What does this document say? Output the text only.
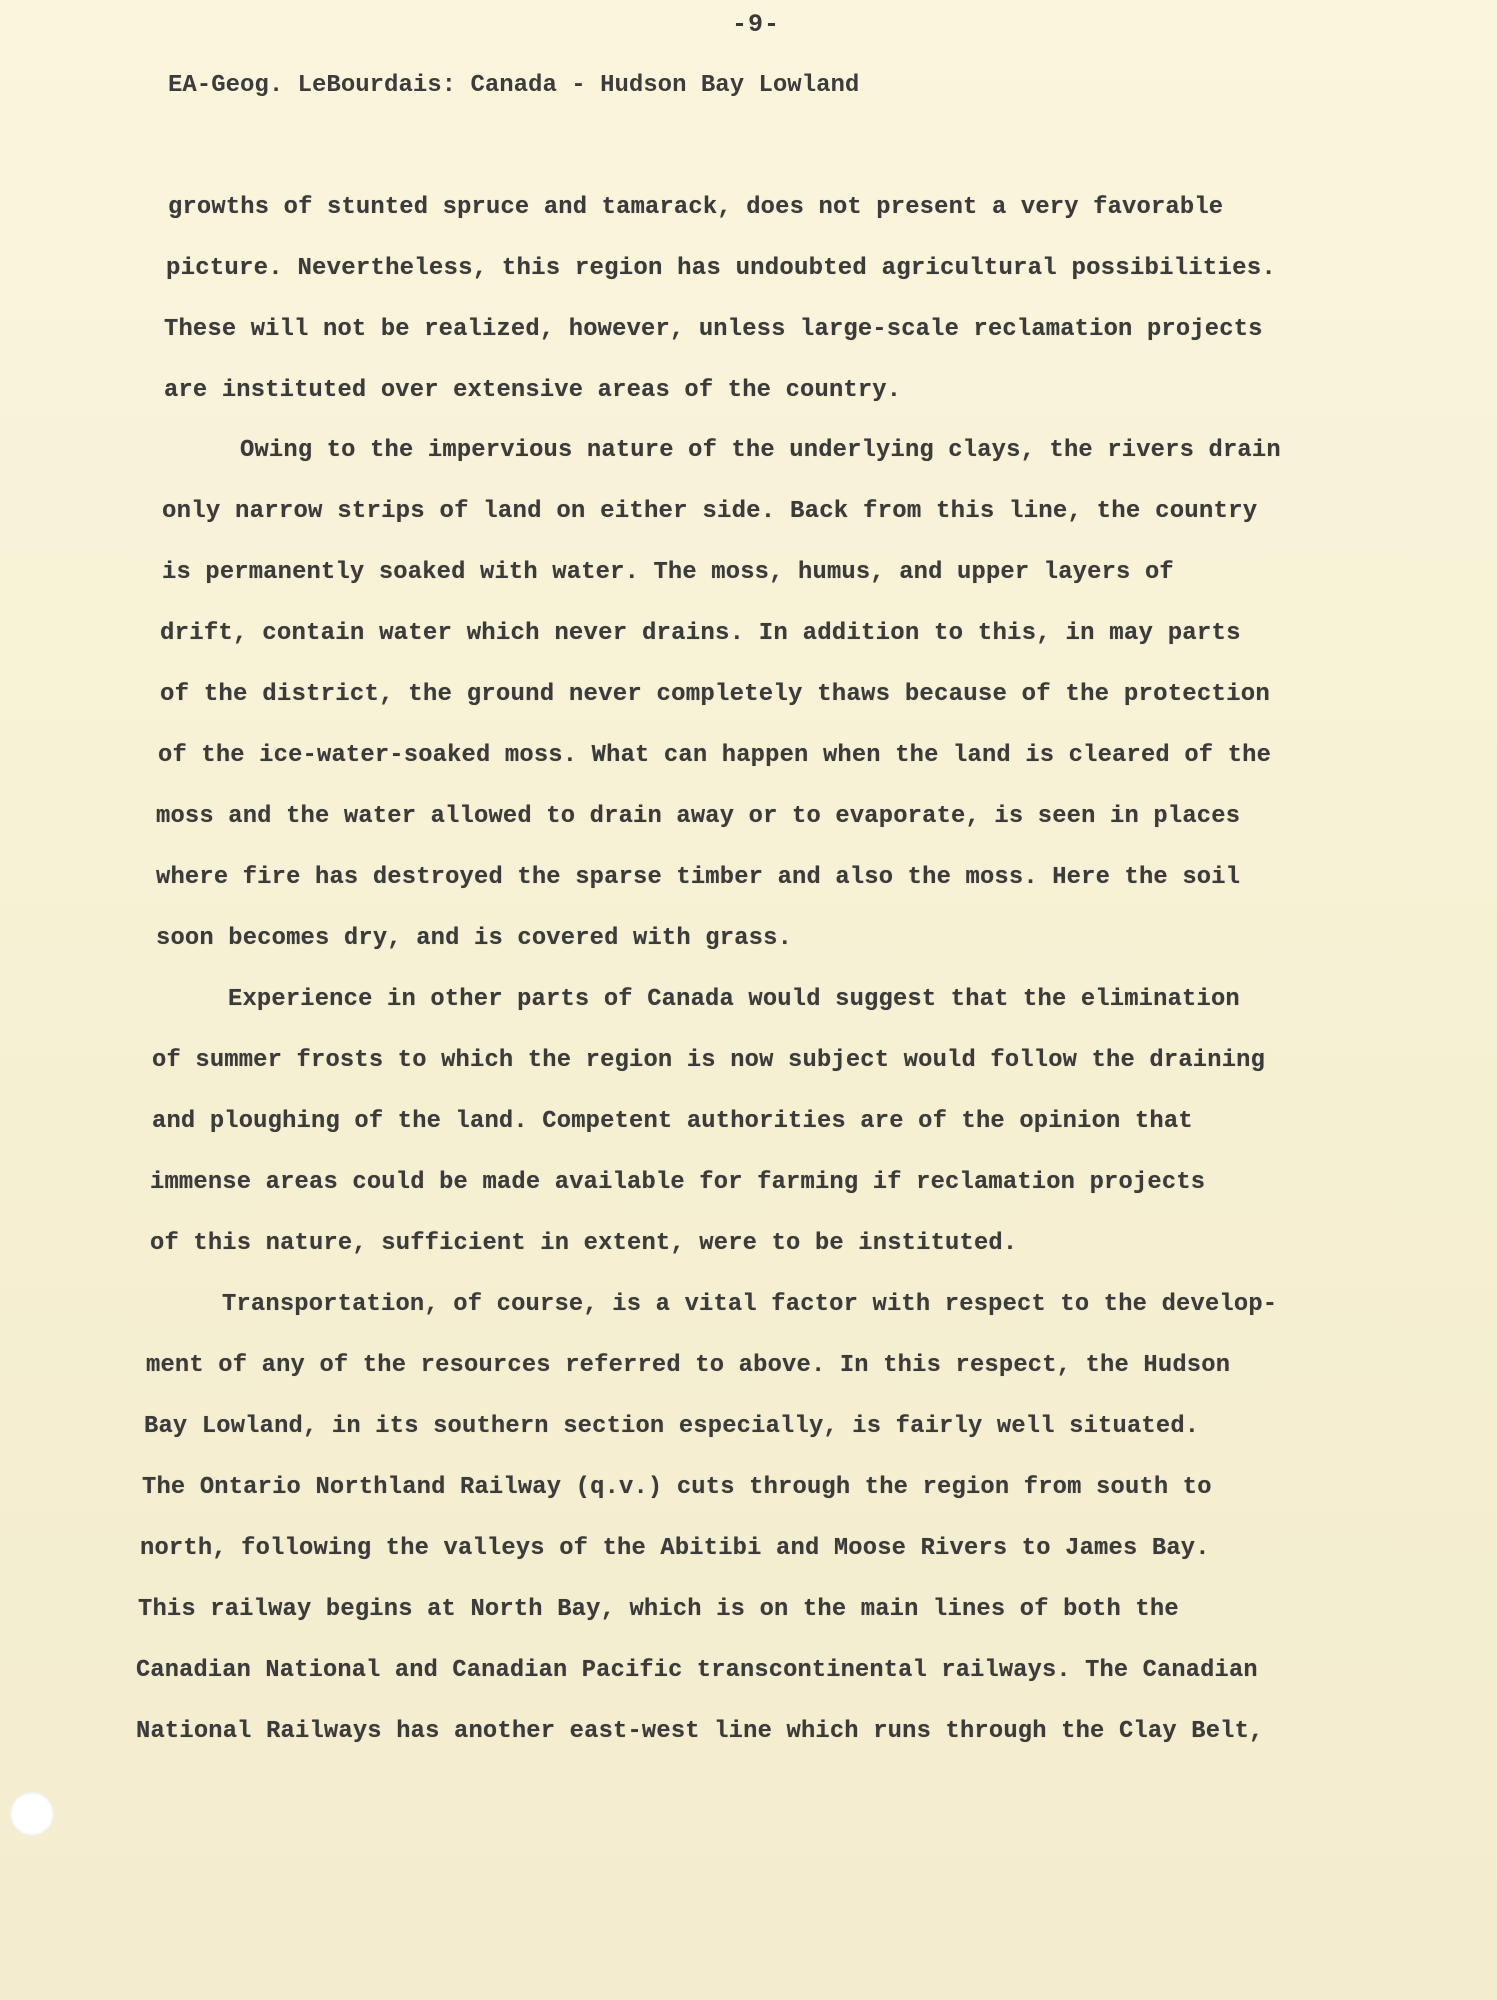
-9-
EA-Geog. LeBourdais: Canada - Hudson Bay Lowland
growths of stunted spruce and tamarack, does not present a very favorable
picture. Nevertheless, this region has undoubted agricultural possibilities.
These will not be realized, however, unless large-scale reclamation projects
are instituted over extensive areas of the country.
Owing to the impervious nature of the underlying clays, the rivers drain
only narrow strips of land on either side. Back from this line, the country
is permanently soaked with water. The moss, humus, and upper layers of
drift, contain water which never drains. In addition to this, in may parts
of the district, the ground never completely thaws because of the protection
of the ice-water-soaked moss. What can happen when the land is cleared of the
moss and the water allowed to drain away or to evaporate, is seen in places
where fire has destroyed the sparse timber and also the moss. Here the soil
soon becomes dry, and is covered with grass.
Experience in other parts of Canada would suggest that the elimination
of summer frosts to which the region is now subject would follow the draining
and ploughing of the land. Competent authorities are of the opinion that
immense areas could be made available for farming if reclamation projects
of this nature, sufficient in extent, were to be instituted.
Transportation, of course, is a vital factor with respect to the develop-
ment of any of the resources referred to above. In this respect, the Hudson
Bay Lowland, in its southern section especially, is fairly well situated.
The Ontario Northland Railway (q.v.) cuts through the region from south to
north, following the valleys of the Abitibi and Moose Rivers to James Bay.
This railway begins at North Bay, which is on the main lines of both the
Canadian National and Canadian Pacific transcontinental railways. The Canadian
National Railways has another east-west line which runs through the Clay Belt,
